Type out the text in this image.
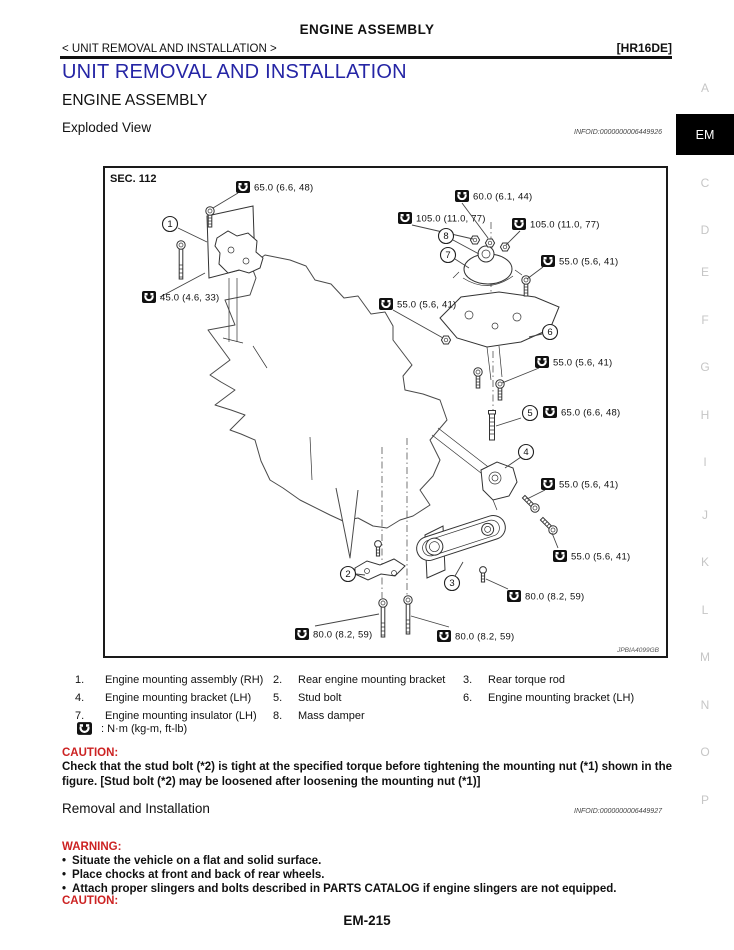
ENGINE ASSEMBLY
< UNIT REMOVAL AND INSTALLATION >	[HR16DE]
UNIT REMOVAL AND INSTALLATION
ENGINE ASSEMBLY
Exploded View	INFOID:0000000006449926	EM
A
C
D
E
F
G
H
I
J
K
L
M
N
O
P
SEC. 112
JPBIA4099GB
65.0 (6.6, 48)
60.0 (6.1, 44)
105.0 (11.0, 77)
105.0 (11.0, 77)
55.0 (5.6, 41)
55.0 (5.6, 41)
45.0 (4.6, 33)
55.0 (5.6, 41)
65.0 (6.6, 48)
55.0 (5.6, 41)
55.0 (5.6, 41)
80.0 (8.2, 59)
80.0 (8.2, 59)	80.0 (8.2, 59)
1
2
3
4
5
6
7
8
1.	Engine mounting assembly (RH) 2.	Rear engine mounting bracket	3.	Rear torque rod
4.	Engine mounting bracket (LH)	5.	Stud bolt	6.	Engine mounting bracket (LH)
7.	Engine mounting insulator (LH)	8.	Mass damper
: N·m (kg-m, ft-lb)
CAUTION:
Check that the stud bolt (*2) is tight at the specified torque before tightening the mounting nut (*1) shown in the figure. [Stud bolt (*2) may be loosened after loosening the mounting nut (*1)]
Removal and Installation	INFOID:0000000006449927
WARNING:
• Situate the vehicle on a flat and solid surface.
• Place chocks at front and back of rear wheels.
• Attach proper slingers and bolts described in PARTS CATALOG if engine slingers are not equipped.
CAUTION:
EM-215
